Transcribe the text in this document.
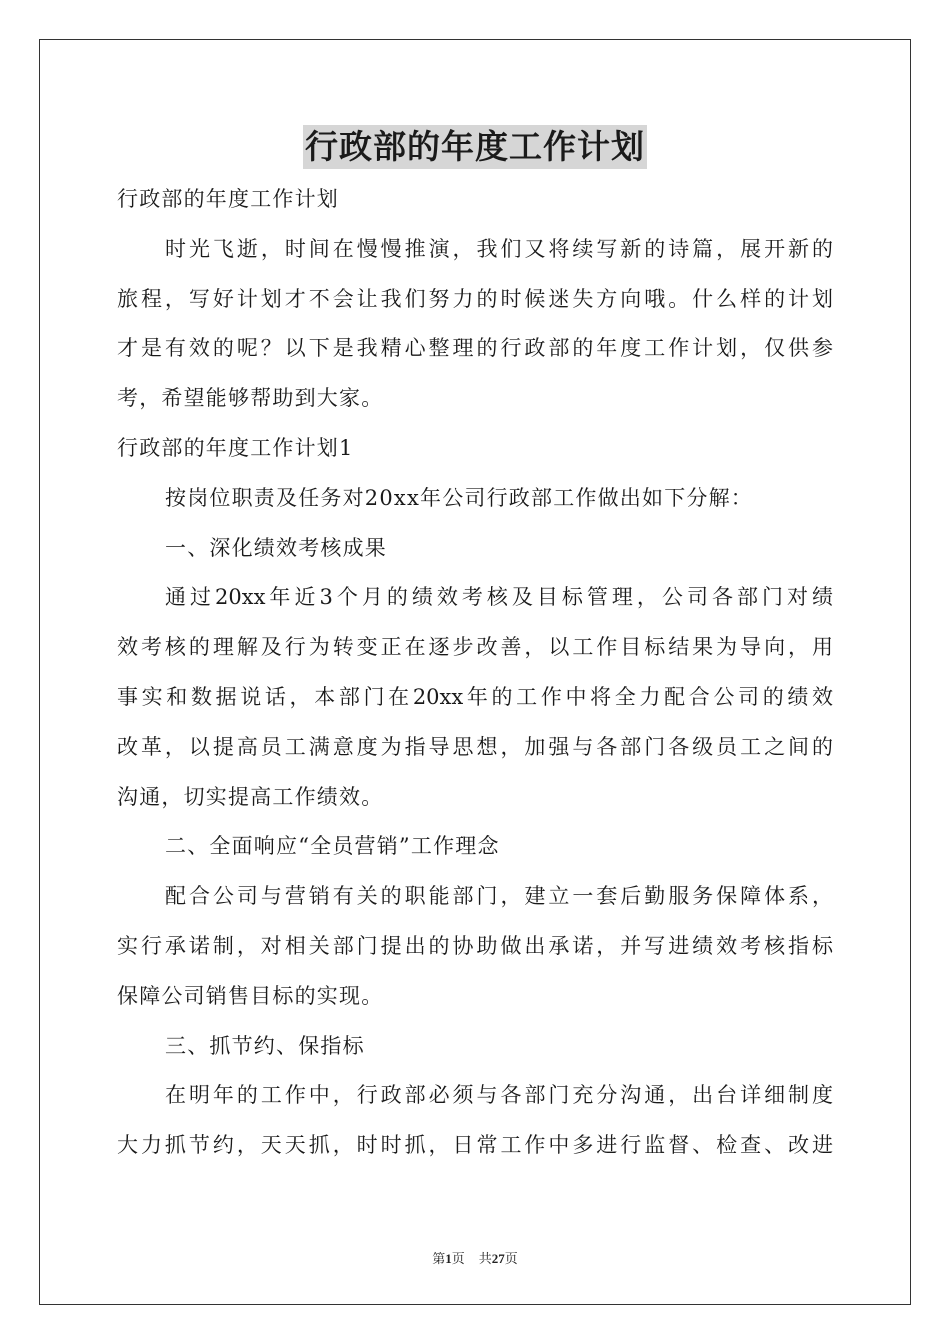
行政部的年度工作计划

行政部的年度工作计划

时光飞逝，时间在慢慢推演，我们又将续写新的诗篇，展开新的

旅程，写好计划才不会让我们努力的时候迷失方向哦。什么样的计划

才是有效的呢？以下是我精心整理的行政部的年度工作计划，仅供参

考，希望能够帮助到大家。

行政部的年度工作计划1

按岗位职责及任务对20xx年公司行政部工作做出如下分解：

一、深化绩效考核成果

通过20xx年近3个月的绩效考核及目标管理，公司各部门对绩

效考核的理解及行为转变正在逐步改善，以工作目标结果为导向，用

事实和数据说话，本部门在20xx年的工作中将全力配合公司的绩效

改革，以提高员工满意度为指导思想，加强与各部门各级员工之间的

沟通，切实提高工作绩效。

二、全面响应“全员营销”工作理念

配合公司与营销有关的职能部门，建立一套后勤服务保障体系，

实行承诺制，对相关部门提出的协助做出承诺，并写进绩效考核指标

保障公司销售目标的实现。

三、抓节约、保指标

在明年的工作中，行政部必须与各部门充分沟通，出台详细制度

大力抓节约，天天抓，时时抓，日常工作中多进行监督、检查、改进

第1页 共27页
